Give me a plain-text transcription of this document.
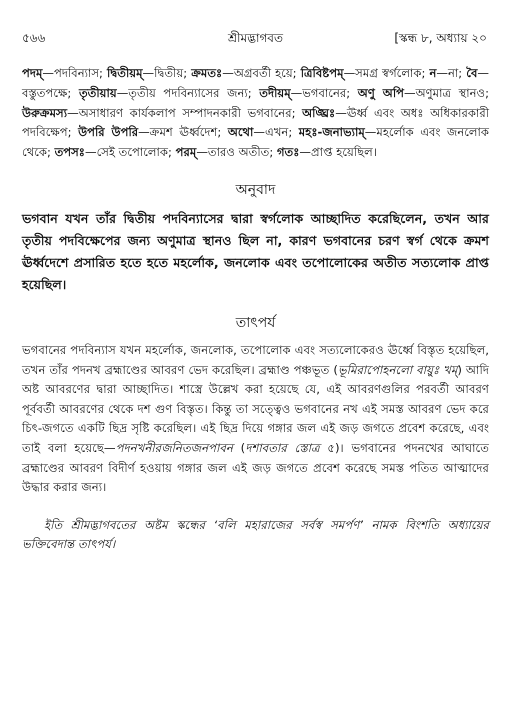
৫৬৬	শ্রীমদ্ভাগবত	[স্কন্ধ ৮, অধ্যায় ২০
পদম্—পদবিন্যাস; দ্বিতীয়ম্—দ্বিতীয়; ক্রমতঃ—অগ্রবর্তী হয়ে; ত্রিবিষ্টপম্—সমগ্র স্বর্গলোক; ন—না; বৈ—বস্তুতপক্ষে; তৃতীয়ায়—তৃতীয় পদবিন্যাসের জন্য; তদীয়ম্—ভগবানের; অণু অপি—অণুমাত্র স্থানও; উরুক্রমস্য—অসাধারণ কার্যকলাপ সম্পাদনকারী ভগবানের; অঙ্ঘ্রিঃ—ঊর্ধ্ব এবং অধঃ অধিকারকারী পদবিক্ষেপ; উপরি উপরি—ক্রমশ ঊর্ধ্বদেশ; অথো—এখন; মহঃ-জনাভ্যাম্—মহর্লোক এবং জনলোক থেকে; তপসঃ—সেই তপোলোক; পরম্—তারও অতীত; গতঃ—প্রাপ্ত হয়েছিল।
অনুবাদ
ভগবান যখন তাঁর দ্বিতীয় পদবিন্যাসের দ্বারা স্বর্গলোক আচ্ছাদিত করেছিলেন, তখন আর তৃতীয় পদবিক্ষেপের জন্য অণুমাত্র স্থানও ছিল না, কারণ ভগবানের চরণ স্বর্গ থেকে ক্রমশ ঊর্ধ্বদেশে প্রসারিত হতে হতে মহর্লোক, জনলোক এবং তপোলোকের অতীত সত্যলোক প্রাপ্ত হয়েছিল।
তাৎপর্য
ভগবানের পদবিন্যাস যখন মহর্লোক, জনলোক, তপোলোক এবং সত্যলোকেরও ঊর্ধ্বে বিস্তৃত হয়েছিল, তখন তাঁর পদনখ ব্রহ্মাণ্ডের আবরণ ভেদ করেছিল। ব্রহ্মাণ্ড পঞ্চভূত (ভূমিরাপোহনলো বায়ুঃ খম্) আদি অষ্ট আবরণের দ্বারা আচ্ছাদিত। শাস্ত্রে উল্লেখ করা হয়েছে যে, এই আবরণগুলির পরবর্তী আবরণ পূর্ববর্তী আবরণের থেকে দশ গুণ বিস্তৃত। কিন্তু তা সত্ত্বেও ভগবানের নখ এই সমস্ত আবরণ ভেদ করে চিৎ-জগতে একটি ছিদ্র সৃষ্টি করেছিল। এই ছিদ্র দিয়ে গঙ্গার জল এই জড় জগতে প্রবেশ করেছে, এবং তাই বলা হয়েছে—পদনখনীরজনিতজনপাবন (দশাবতার স্তোত্র ৫)। ভগবানের পদনখের আঘাতে ব্রহ্মাণ্ডের আবরণ বিদীর্ণ হওয়ায় গঙ্গার জল এই জড় জগতে প্রবেশ করেছে সমস্ত পতিত আত্মাদের উদ্ধার করার জন্য।
ইতি শ্রীমদ্ভাগবতের অষ্টম স্কন্ধের ‘বলি মহারাজের সর্বস্ব সমর্পণ’ নামক বিংশতি অধ্যায়ের ভক্তিবেদান্ত তাৎপর্য।
